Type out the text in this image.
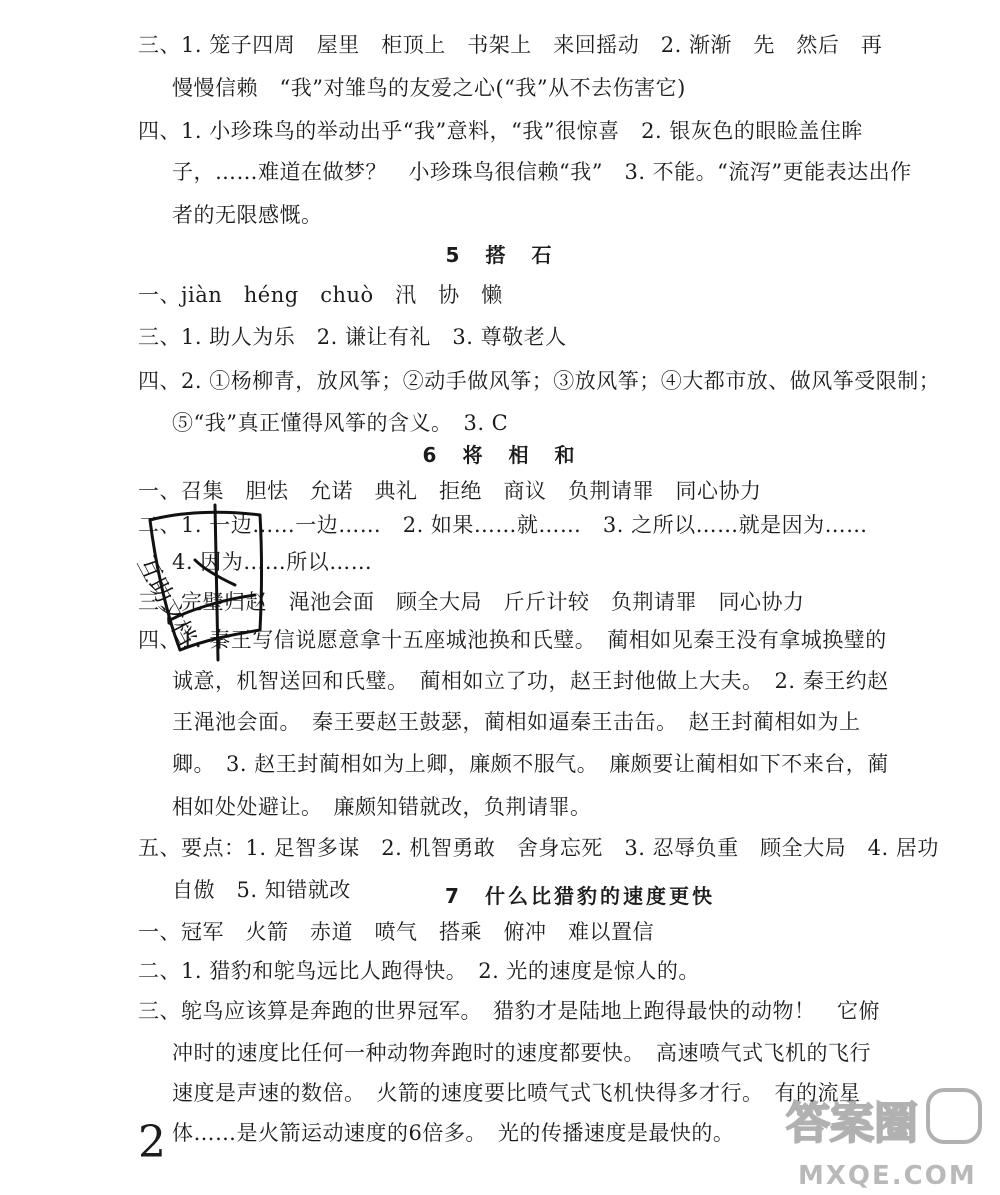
三、1. 笼子四周　屋里　柜顶上　书架上　来回摇动　2. 渐渐　先　然后　再
慢慢信赖　“我”对雏鸟的友爱之心(“我”从不去伤害它)
四、1. 小珍珠鸟的举动出乎“我”意料，“我”很惊喜　2. 银灰色的眼睑盖住眸
子，……难道在做梦？　小珍珠鸟很信赖“我”　3. 不能。“流泻”更能表达出作
者的无限感慨。
5　搭　石
一、jiàn　héng　chuò　汛　协　懒
三、1. 助人为乐　2. 谦让有礼　3. 尊敬老人
四、2. ①杨柳青，放风筝；②动手做风筝；③放风筝；④大都市放、做风筝受限制；
⑤“我”真正懂得风筝的含义。　3. C
6　将　相　和
一、召集　胆怯　允诺　典礼　拒绝　商议　负荆请罪　同心协力
二、1. 一边……一边……　2. 如果……就……　3. 之所以……就是因为……
4. 因为……所以……
三、完璧归赵　渑池会面　顾全大局　斤斤计较　负荆请罪　同心协力
四、1. 秦王写信说愿意拿十五座城池换和氏璧。　蔺相如见秦王没有拿城换璧的
诚意，机智送回和氏璧。　蔺相如立了功，赵王封他做上大夫。　2. 秦王约赵
王渑池会面。　秦王要赵王鼓瑟，蔺相如逼秦王击缶。　赵王封蔺相如为上
卿。　3. 赵王封蔺相如为上卿，廉颇不服气。　廉颇要让蔺相如下不来台，蔺
相如处处避让。　廉颇知错就改，负荆请罪。
五、要点：1. 足智多谋　2. 机智勇敢　舍身忘死　3. 忍辱负重　顾全大局　4. 居功
自傲　5. 知错就改	7　什么比猎豹的速度更快
一、冠军　火箭　赤道　喷气　搭乘　俯冲　难以置信
二、1. 猎豹和鸵鸟远比人跑得快。　2. 光的速度是惊人的。
三、鸵鸟应该算是奔跑的世界冠军。　猎豹才是陆地上跑得最快的动物！　它俯
冲时的速度比任何一种动物奔跑时的速度都要快。　高速喷气式飞机的飞行
速度是声速的数倍。　火箭的速度要比喷气式飞机快得多才行。　有的流星
体……是火箭运动速度的6倍多。　光的传播速度是最快的。
2
互助文档
答案圈
MXQE.COM
